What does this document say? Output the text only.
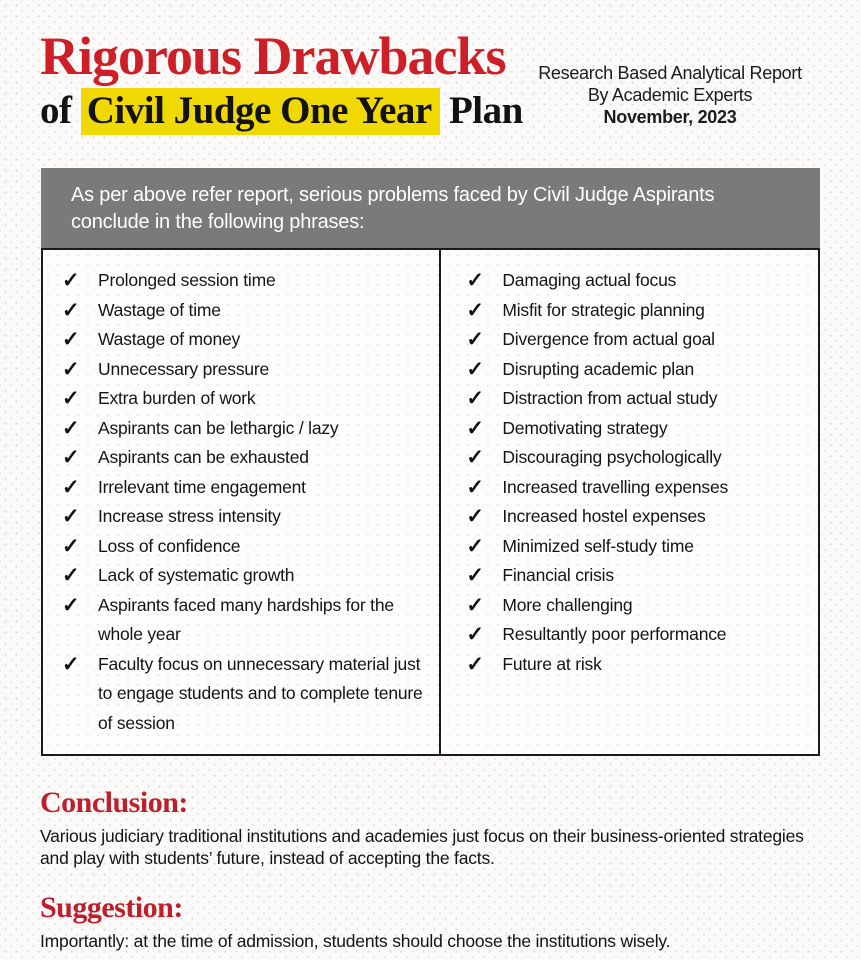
Rigorous Drawbacks
of Civil Judge One Year Plan
Research Based Analytical Report
By Academic Experts
November, 2023

As per above refer report, serious problems faced by Civil Judge Aspirants conclude in the following phrases:

✓ Prolonged session time
✓ Wastage of time
✓ Wastage of money
✓ Unnecessary pressure
✓ Extra burden of work
✓ Aspirants can be lethargic / lazy
✓ Aspirants can be exhausted
✓ Irrelevant time engagement
✓ Increase stress intensity
✓ Loss of confidence
✓ Lack of systematic growth
✓ Aspirants faced many hardships for the whole year
✓ Faculty focus on unnecessary material just to engage students and to complete tenure of session
✓ Damaging actual focus
✓ Misfit for strategic planning
✓ Divergence from actual goal
✓ Disrupting academic plan
✓ Distraction from actual study
✓ Demotivating strategy
✓ Discouraging psychologically
✓ Increased travelling expenses
✓ Increased hostel expenses
✓ Minimized self-study time
✓ Financial crisis
✓ More challenging
✓ Resultantly poor performance
✓ Future at risk
Conclusion:

Various judiciary traditional institutions and academies just focus on their business-oriented strategies and play with students’ future, instead of accepting the facts.

Suggestion:

Importantly: at the time of admission, students should choose the institutions wisely.
